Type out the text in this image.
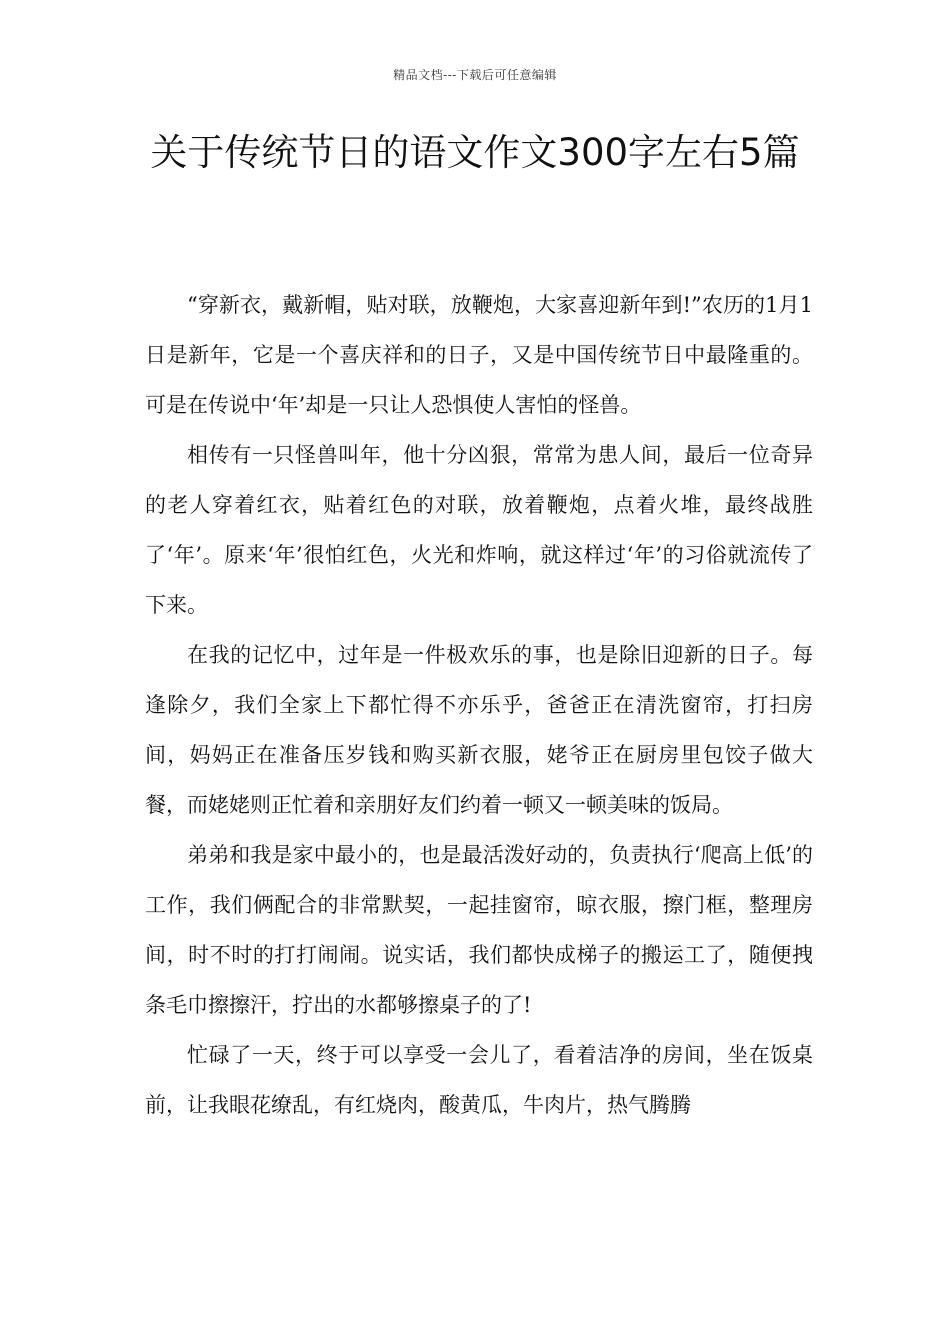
精品文档---下载后可任意编辑
关于传统节日的语文作文300字左右5篇

“穿新衣，戴新帽，贴对联，放鞭炮，大家喜迎新年到!”农历的1月1日是新年，它是一个喜庆祥和的日子，又是中国传统节日中最隆重的。可是在传说中‘年’却是一只让人恐惧使人害怕的怪兽。

相传有一只怪兽叫年，他十分凶狠，常常为患人间，最后一位奇异的老人穿着红衣，贴着红色的对联，放着鞭炮，点着火堆，最终战胜了‘年’。原来‘年’很怕红色，火光和炸响，就这样过‘年’的习俗就流传了下来。

在我的记忆中，过年是一件极欢乐的事，也是除旧迎新的日子。每逢除夕，我们全家上下都忙得不亦乐乎，爸爸正在清洗窗帘，打扫房间，妈妈正在准备压岁钱和购买新衣服，姥爷正在厨房里包饺子做大餐，而姥姥则正忙着和亲朋好友们约着一顿又一顿美味的饭局。

弟弟和我是家中最小的，也是最活泼好动的，负责执行‘爬高上低’的工作，我们俩配合的非常默契，一起挂窗帘，晾衣服，擦门框，整理房间，时不时的打打闹闹。说实话，我们都快成梯子的搬运工了，随便拽条毛巾擦擦汗，拧出的水都够擦桌子的了!

忙碌了一天，终于可以享受一会儿了，看着洁净的房间，坐在饭桌前，让我眼花缭乱，有红烧肉，酸黄瓜，牛肉片，热气腾腾
